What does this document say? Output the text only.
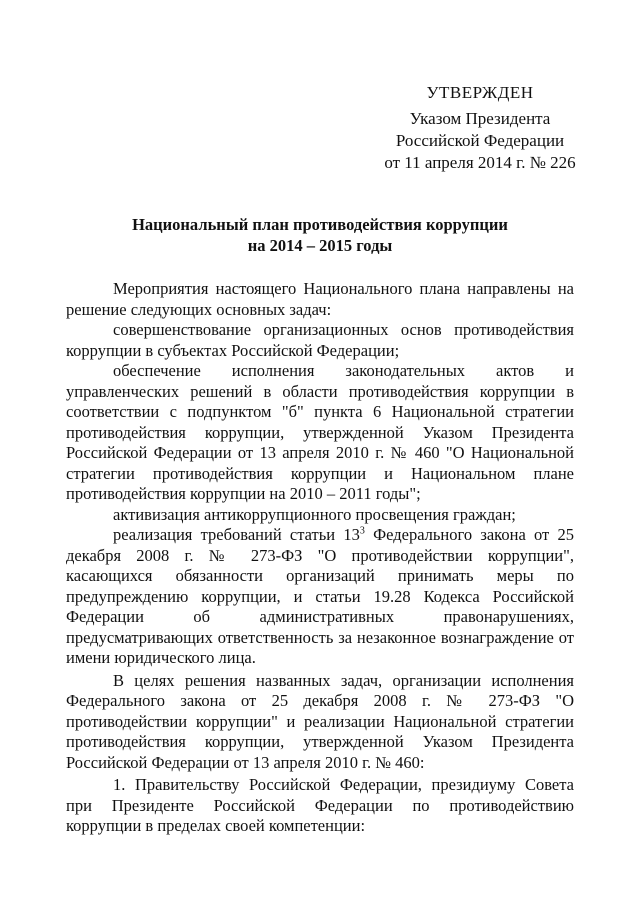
УТВЕРЖДЕН
Указом Президента
Российской Федерации
от 11 апреля 2014 г. № 226
Национальный план противодействия коррупции
на 2014 – 2015 годы

Мероприятия настоящего Национального плана направлены на решение следующих основных задач:

совершенствование организационных основ противодействия коррупции в субъектах Российской Федерации;

обеспечение исполнения законодательных актов и управленческих решений в области противодействия коррупции в соответствии с подпунктом "б" пункта 6 Национальной стратегии противодействия коррупции, утвержденной Указом Президента Российской Федерации от 13 апреля 2010 г. № 460 "О Национальной стратегии противодействия коррупции и Национальном плане противодействия коррупции на 2010 – 2011 годы";

активизация антикоррупционного просвещения граждан;

реализация требований статьи 13$^3$ Федерального закона от 25 декабря 2008 г. № 273-ФЗ "О противодействии коррупции", касающихся обязанности организаций принимать меры по предупреждению коррупции, и статьи 19.28 Кодекса Российской Федерации об административных правонарушениях, предусматривающих ответственность за незаконное вознаграждение от имени юридического лица.

В целях решения названных задач, организации исполнения Федерального закона от 25 декабря 2008 г. № 273-ФЗ "О противодействии коррупции" и реализации Национальной стратегии противодействия коррупции, утвержденной Указом Президента Российской Федерации от 13 апреля 2010 г. № 460:

1. Правительству Российской Федерации, президиуму Совета при Президенте Российской Федерации по противодействию коррупции в пределах своей компетенции:
